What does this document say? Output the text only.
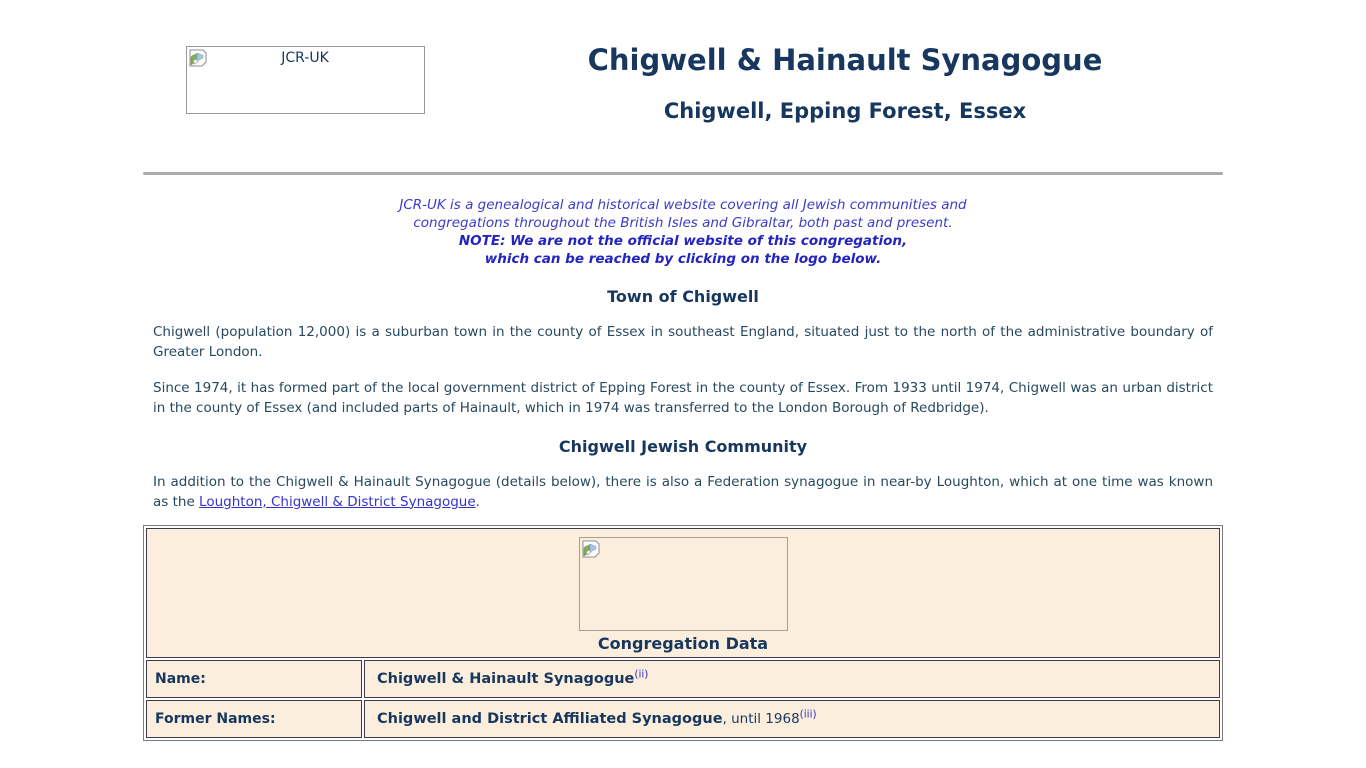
JCR-UK	Chigwell & Hainault Synagogue
Chigwell, Epping Forest, Essex
JCR-UK is a genealogical and historical website covering all Jewish communities and
congregations throughout the British Isles and Gibraltar, both past and present.
NOTE: We are not the official website of this congregation,
which can be reached by clicking on the logo below.
Town of Chigwell

Chigwell (population 12,000) is a suburban town in the county of Essex in southeast England, situated just to the north of the administrative boundary of Greater London.

Since 1974, it has formed part of the local government district of Epping Forest in the county of Essex. From 1933 until 1974, Chigwell was an urban district in the county of Essex (and included parts of Hainault, which in 1974 was transferred to the London Borough of Redbridge).

Chigwell Jewish Community

In addition to the Chigwell & Hainault Synagogue (details below), there is also a Federation synagogue in near-by Loughton, which at one time was known as the Loughton, Chigwell & District Synagogue.

Congregation Data	

Name:	Chigwell & Hainault Synagogue$^{(ii)}$
Former Names:	Chigwell and District Affiliated Synagogue, until 1968$^{(iii)}$
